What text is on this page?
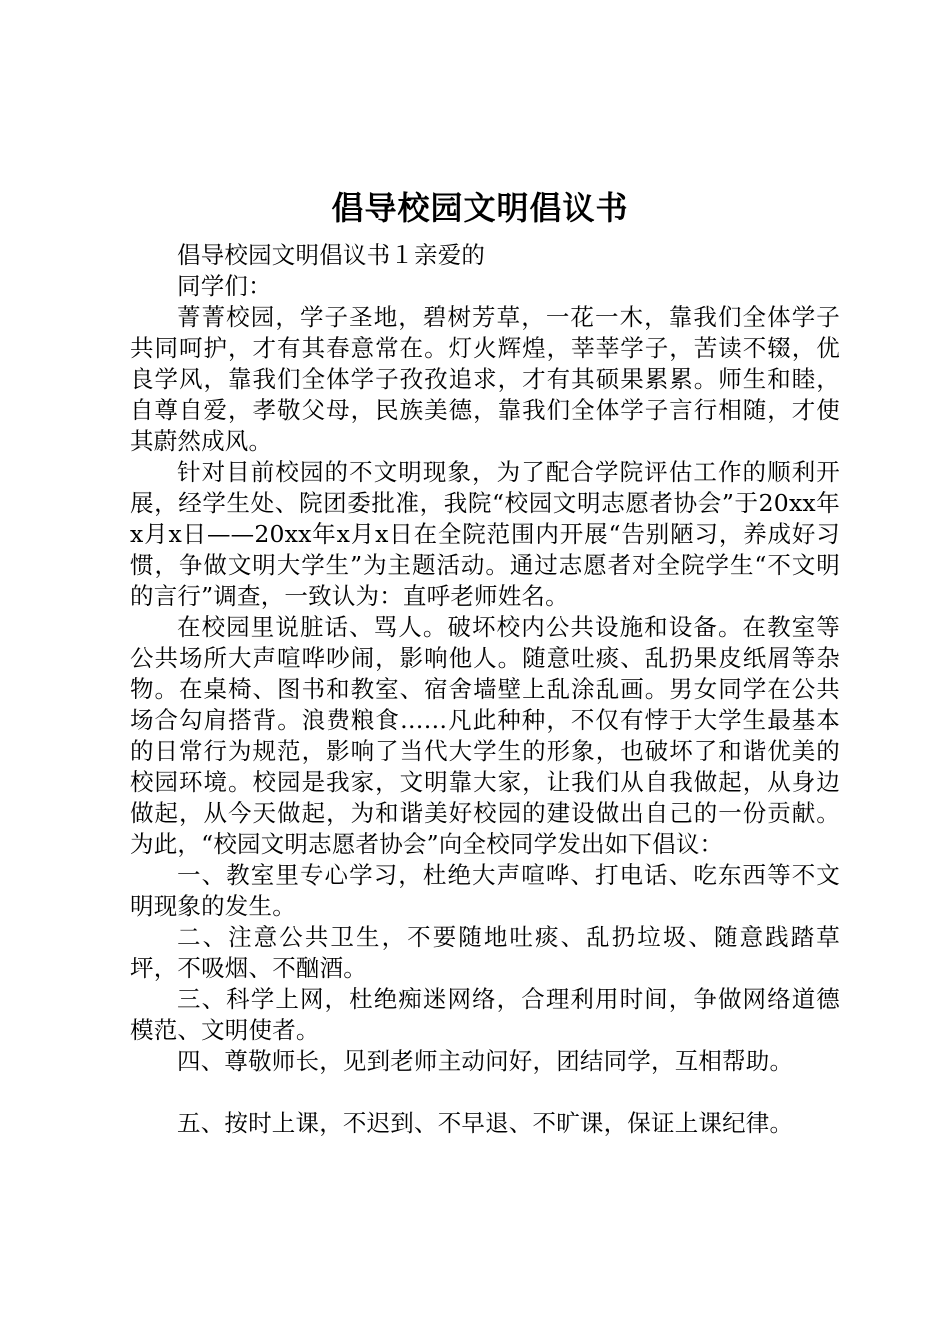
倡导校园文明倡议书

倡导校园文明倡议书１亲爱的

同学们：

菁菁校园，学子圣地，碧树芳草，一花一木，靠我们全体学子共同呵护，才有其春意常在。灯火辉煌，莘莘学子，苦读不辍，优良学风，靠我们全体学子孜孜追求，才有其硕果累累。师生和睦，自尊自爱，孝敬父母，民族美德，靠我们全体学子言行相随，才使其蔚然成风。

针对目前校园的不文明现象，为了配合学院评估工作的顺利开展，经学生处、院团委批准，我院“校园文明志愿者协会”于20xx年x月x日——20xx年x月x日在全院范围内开展“告别陋习，养成好习惯，争做文明大学生”为主题活动。通过志愿者对全院学生“不文明的言行”调查，一致认为：直呼老师姓名。

在校园里说脏话、骂人。破坏校内公共设施和设备。在教室等公共场所大声喧哗吵闹，影响他人。随意吐痰、乱扔果皮纸屑等杂物。在桌椅、图书和教室、宿舍墙壁上乱涂乱画。男女同学在公共场合勾肩搭背。浪费粮食……凡此种种，不仅有悖于大学生最基本的日常行为规范，影响了当代大学生的形象，也破坏了和谐优美的校园环境。校园是我家，文明靠大家，让我们从自我做起，从身边做起，从今天做起，为和谐美好校园的建设做出自己的一份贡献。为此，“校园文明志愿者协会”向全校同学发出如下倡议：

一、教室里专心学习，杜绝大声喧哗、打电话、吃东西等不文明现象的发生。

二、注意公共卫生，不要随地吐痰、乱扔垃圾、随意践踏草坪，不吸烟、不酗酒。

三、科学上网，杜绝痴迷网络，合理利用时间，争做网络道德模范、文明使者。

四、尊敬师长，见到老师主动问好，团结同学，互相帮助。

五、按时上课，不迟到、不早退、不旷课，保证上课纪律。
